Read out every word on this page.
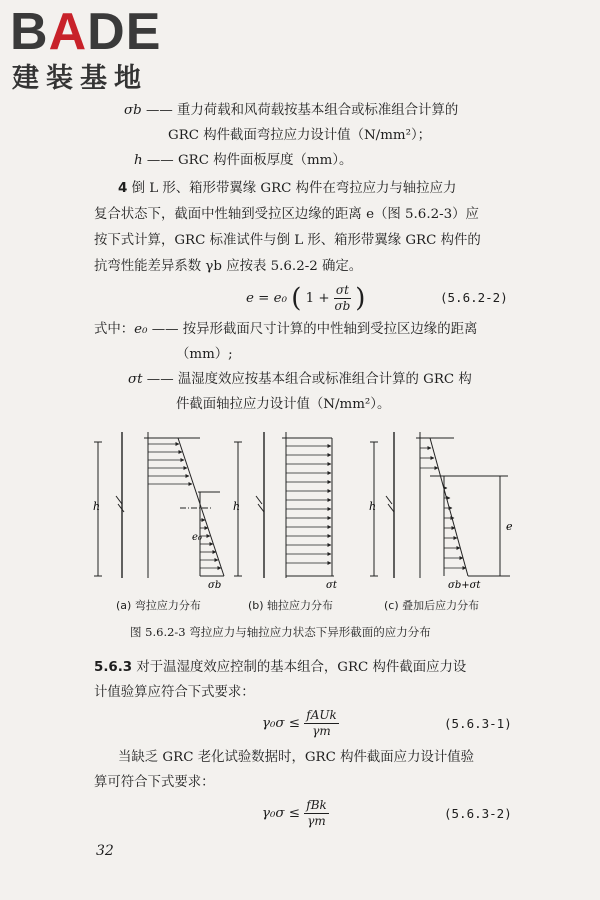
BADE
建装基地
σb —— 重力荷载和风荷载按基本组合或标准组合计算的
GRC 构件截面弯拉应力设计值（N/mm²）；
h —— GRC 构件面板厚度（mm）。
4 倒 L 形、箱形带翼缘 GRC 构件在弯拉应力与轴拉应力
复合状态下，截面中性轴到受拉区边缘的距离 e（图 5.6.2-3）应
按下式计算，GRC 标准试件与倒 L 形、箱形带翼缘 GRC 构件的
抗弯性能差异系数 γb 应按表 5.6.2-2 确定。
e = e₀ ( $1 + \frac{\sigma t}{\sigma b}$ )	(5.6.2-2)
式中：e₀ —— 按异形截面尺寸计算的中性轴到受拉区边缘的距离
（mm）;
σt —— 温湿度效应按基本组合或标准组合计算的 GRC 构
件截面轴拉应力设计值（N/mm²）。
h
e₀
σb
h
σt
h
e
σb+σt
(a) 弯拉应力分布	(b) 轴拉应力分布	(c) 叠加后应力分布
图 5.6.2-3 弯拉应力与轴拉应力状态下异形截面的应力分布
5.6.3 对于温湿度效应控制的基本组合，GRC 构件截面应力设
计值验算应符合下式要求：
$\gamma_0\sigma \le \frac{\text{fAUk}}{\gamma m}$	(5.6.3-1)
当缺乏 GRC 老化试验数据时，GRC 构件截面应力设计值验
算可符合下式要求：
$\gamma_0\sigma \le \frac{\text{fBk}}{\gamma m}$	(5.6.3-2)
32
